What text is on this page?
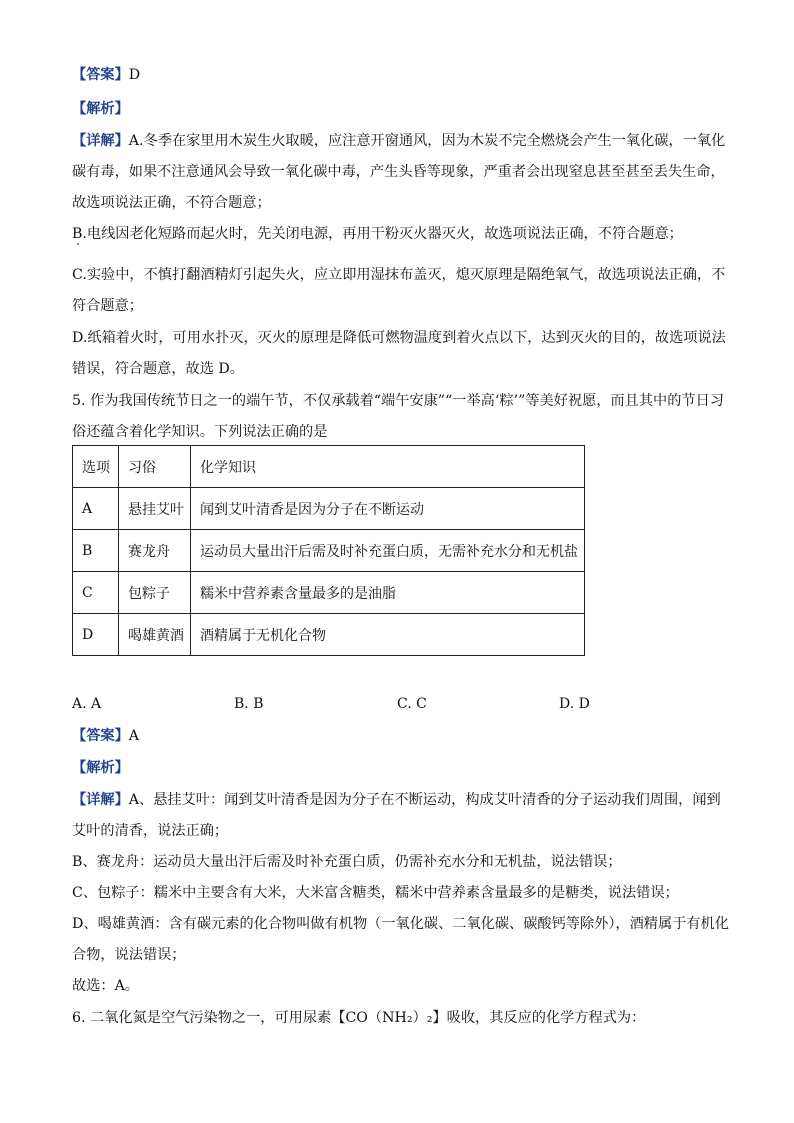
【答案】D
【解析】
【详解】A.冬季在家里用木炭生火取暖，应注意开窗通风，因为木炭不完全燃烧会产生一氧化碳，一氧化
碳有毒，如果不注意通风会导致一氧化碳中毒，产生头昏等现象，严重者会出现窒息甚至甚至丢失生命，
故选项说法正确，不符合题意；
B.电线因老化短路而起火时，先关闭电源，再用干粉灭火器灭火，故选项说法正确，不符合题意；
C.实验中，不慎打翻酒精灯引起失火，应立即用湿抹布盖灭，熄灭原理是隔绝氧气，故选项说法正确，不
符合题意；
D.纸箱着火时，可用水扑灭，灭火的原理是降低可燃物温度到着火点以下，达到灭火的目的，故选项说法
错误，符合题意，故选 D。
5. 作为我国传统节日之一的端午节，不仅承载着“端午安康”“一举高‘粽’”等美好祝愿，而且其中的节日习
俗还蕴含着化学知识。下列说法正确的是
选项	习俗	化学知识
A	悬挂艾叶	闻到艾叶清香是因为分子在不断运动
B	赛龙舟	运动员大量出汗后需及时补充蛋白质，无需补充水分和无机盐
C	包粽子	糯米中营养素含量最多的是油脂
D	喝雄黄酒	酒精属于无机化合物
A. A	B. B	C. C	D. D
【答案】A
【解析】
【详解】A、悬挂艾叶：闻到艾叶清香是因为分子在不断运动，构成艾叶清香的分子运动我们周围，闻到
艾叶的清香，说法正确；
B、赛龙舟：运动员大量出汗后需及时补充蛋白质，仍需补充水分和无机盐，说法错误；
C、包粽子：糯米中主要含有大米，大米富含糖类，糯米中营养素含量最多的是糖类，说法错误；
D、喝雄黄酒：含有碳元素的化合物叫做有机物（一氧化碳、二氧化碳、碳酸钙等除外），酒精属于有机化
合物，说法错误；
故选：A。
6. 二氧化氮是空气污染物之一，可用尿素【CO（NH₂）₂】吸收，其反应的化学方程式为：
